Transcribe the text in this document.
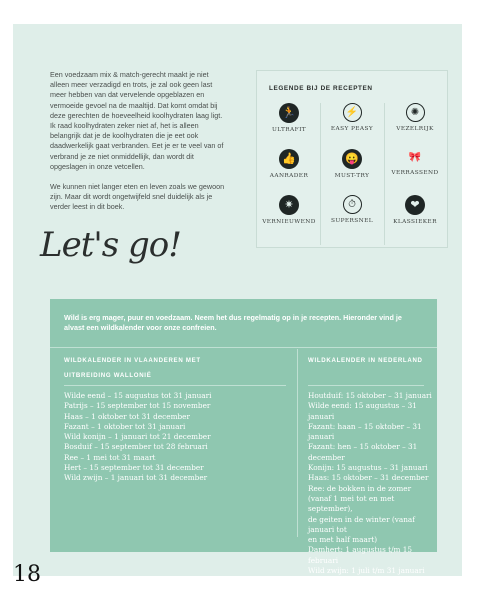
Een voedzaam mix & match-gerecht maakt je niet alleen meer verzadigd en trots, je zal ook geen last meer hebben van dat vervelende opgeblazen en vermoeide gevoel na de maaltijd. Dat komt omdat bij deze gerechten de hoeveelheid koolhydraten laag ligt. Ik raad koolhydraten zeker niet af, het is alleen belangrijk dat je de koolhydraten die je eet ook daadwerkelijk gaat verbranden. Eet je er te veel van of verbrand je ze niet onmiddellijk, dan wordt dit opgeslagen in onze vetcellen.

We kunnen niet langer eten en leven zoals we gewoon zijn. Maar dit wordt ongetwijfeld snel duidelijk als je verder leest in dit boek.

Let's go!
LEGENDE BIJ DE RECEPTEN
🏃
ULTRAFIT
⚡
EASY PEASY
✺
VEZELRIJK
👍
AANRADER
😛
MUST-TRY
🎀
VERRASSEND
✷
VERNIEUWEND
⏱
SUPERSNEL
❤
KLASSIEKER
Wild is erg mager, puur en voedzaam. Neem het dus regelmatig op in je recepten. Hieronder vind je alvast een wildkalender voor onze confreien.
WILDKALENDER IN VLAANDEREN MET UITBREIDING WALLONIË
Wilde eend – 15 augustus tot 31 januari
Patrijs – 15 september tot 15 november
Haas – 1 oktober tot 31 december
Fazant – 1 oktober tot 31 januari
Wild konijn – 1 januari tot 21 december
Bosduif – 15 september tot 28 februari
Ree – 1 mei tot 31 maart
Hert – 15 september tot 31 december
Wild zwijn – 1 januari tot 31 december
WILDKALENDER IN NEDERLAND
Houtduif: 15 oktober – 31 januari
Wilde eend: 15 augustus – 31 januari
Fazant: haan – 15 oktober – 31 januari
Fazant: hen – 15 oktober – 31 december
Konijn: 15 augustus – 31 januari
Haas: 15 oktober – 31 december
Ree: de bokken in de zomer
(vanaf 1 mei tot en met september),
de geiten in de winter (vanaf januari tot
en met half maart)
Damhert: 1 augustus t/m 15 februari
Wild zwijn: 1 juli t/m 31 januari
Edelhert: 1 augustus t/m 15 februari
18
